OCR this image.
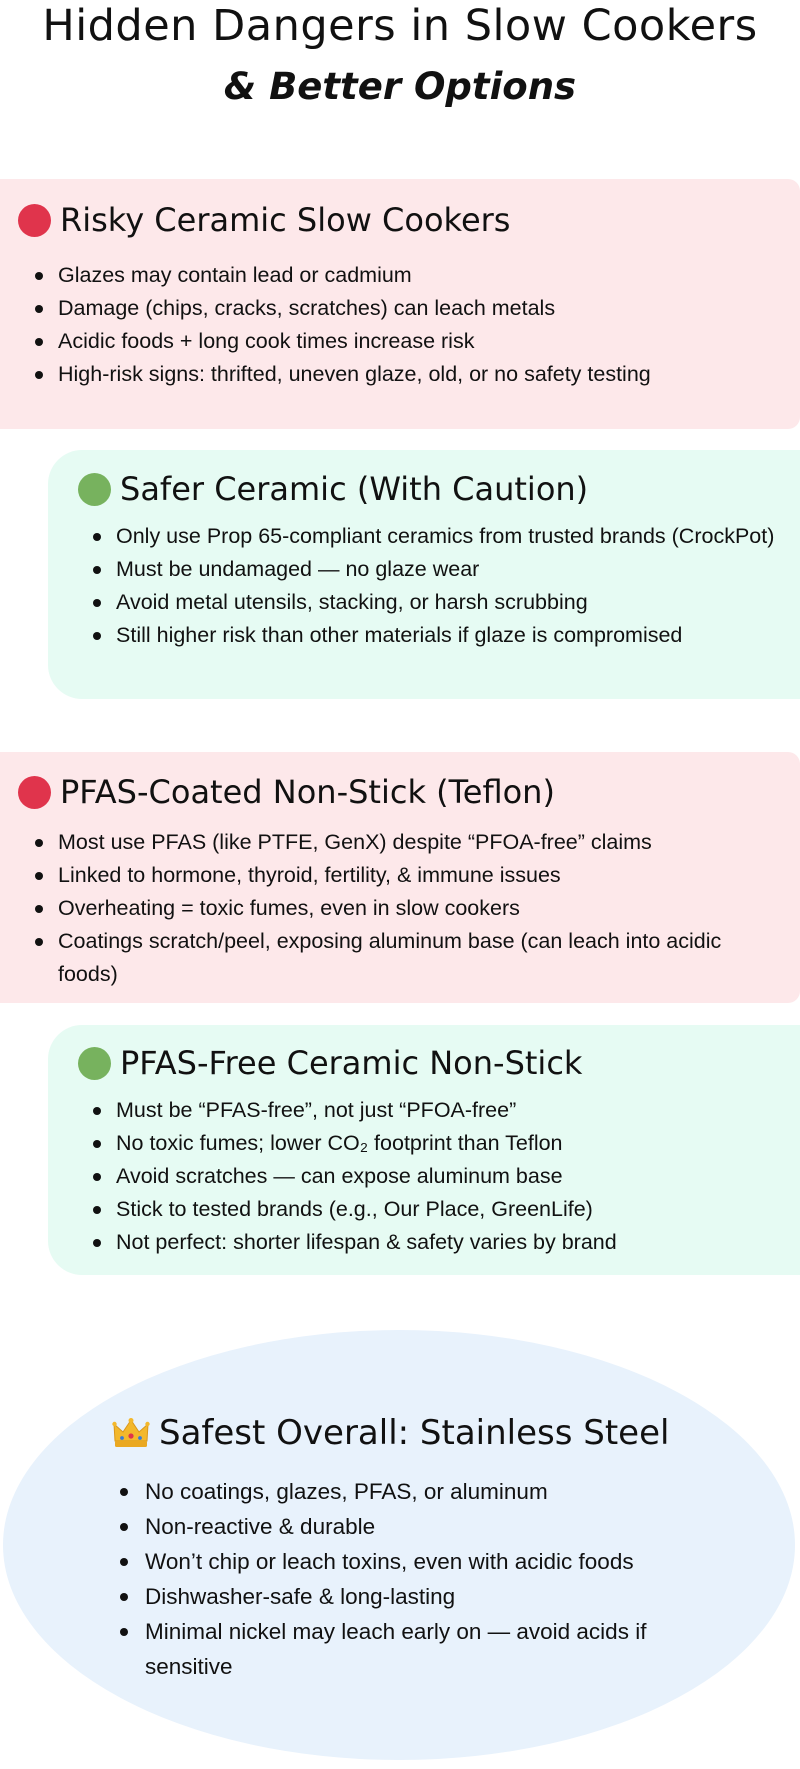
Hidden Dangers in Slow Cookers
& Better Options
Risky Ceramic Slow Cookers
Glazes may contain lead or cadmium
Damage (chips, cracks, scratches) can leach metals
Acidic foods + long cook times increase risk
High-risk signs: thrifted, uneven glaze, old, or no safety testing
Safer Ceramic (With Caution)
Only use Prop 65-compliant ceramics from trusted brands (CrockPot)
Must be undamaged — no glaze wear
Avoid metal utensils, stacking, or harsh scrubbing
Still higher risk than other materials if glaze is compromised
PFAS-Coated Non-Stick (Teflon)
Most use PFAS (like PTFE, GenX) despite “PFOA-free” claims
Linked to hormone, thyroid, fertility, & immune issues
Overheating = toxic fumes, even in slow cookers
Coatings scratch/peel, exposing aluminum base (can leach into acidic foods)
PFAS-Free Ceramic Non-Stick
Must be “PFAS-free”, not just “PFOA-free”
No toxic fumes; lower CO₂ footprint than Teflon
Avoid scratches — can expose aluminum base
Stick to tested brands (e.g., Our Place, GreenLife)
Not perfect: shorter lifespan & safety varies by brand
Safest Overall: Stainless Steel
No coatings, glazes, PFAS, or aluminum
Non-reactive & durable
Won’t chip or leach toxins, even with acidic foods
Dishwasher-safe & long-lasting
Minimal nickel may leach early on — avoid acids if sensitive
